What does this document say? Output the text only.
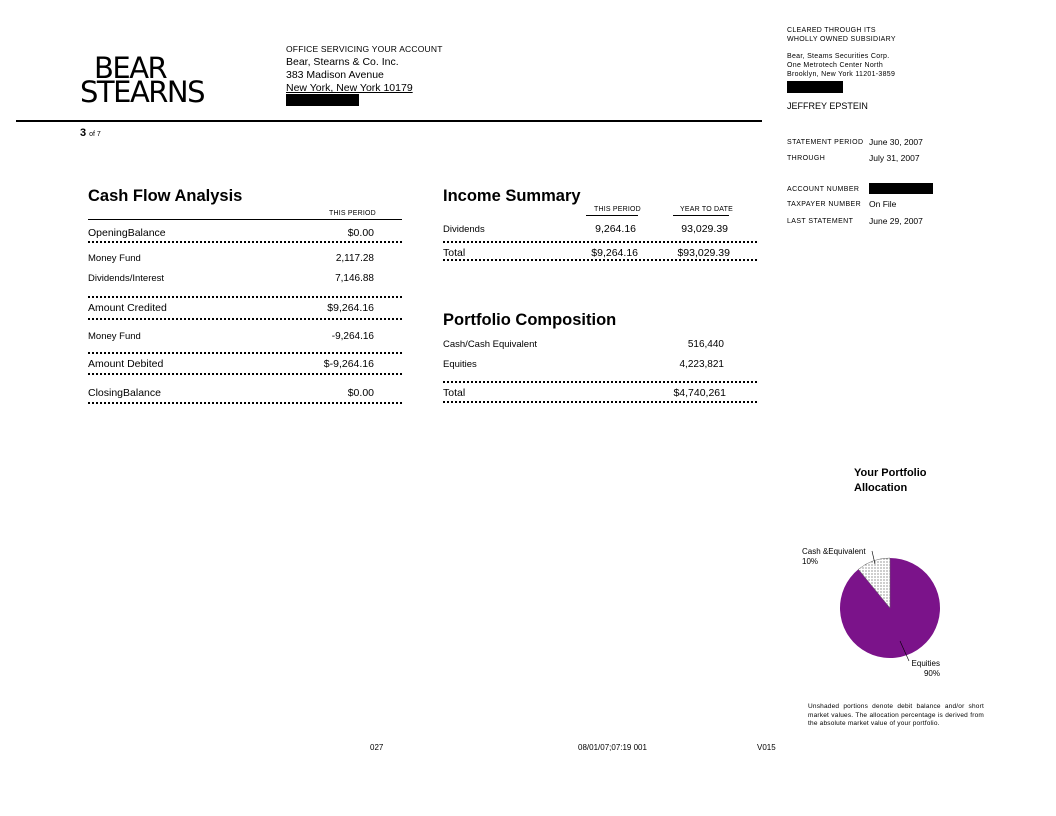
BEAR
STEARNS
OFFICE SERVICING YOUR ACCOUNT
Bear, Stearns & Co. Inc.
383 Madison Avenue
New York, New York 10179
3 of 7
CLEARED THROUGH ITS
WHOLLY OWNED SUBSIDIARY
Bear, Steams Securities Corp.
One Metrotech Center North
Brooklyn, New York 11201-3859
JEFFREY EPSTEIN
STATEMENT PERIOD June 30, 2007
THROUGH	July 31, 2007
ACCOUNT NUMBER
TAXPAYER NUMBER On File
LAST STATEMENT June 29, 2007
Cash Flow Analysis
THIS PERIOD
OpeningBalance	$0.00
Money Fund	2,117.28
Dividends/Interest	7,146.88
Amount Credited	$9,264.16
Money Fund	-9,264.16
Amount Debited	$-9,264.16
ClosingBalance	$0.00
Income Summary
THIS PERIOD	YEAR TO DATE
Dividends	9,264.16	93,029.39
Total	$9,264.16	$93,029.39
Portfolio Composition
Cash/Cash Equivalent	516,440
Equities	4,223,821
Total	$4,740,261
Your Portfolio
Allocation
Cash &Equivalent
10%
Equities
90%
Unshaded portions denote debit balance and/or short market values. The allocation percentage is derived from the absolute market value of your portfolio.
027	08/01/07;07:19 001	V015
